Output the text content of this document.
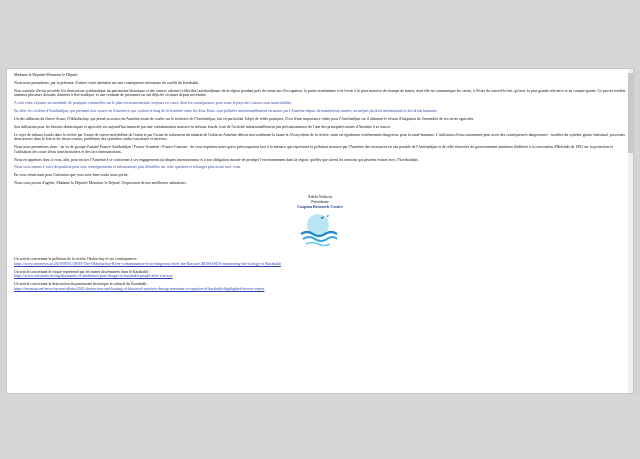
Madame la Députée Monsieur le Député,

Nous nous permettons, par la présente, d'attirer votre attention sur une conséquence méconnue du conflit du Karabakh.

Non contente d'avoir procédé à la destruction systématique du patrimoine historique et des centres urbains (villes/des) azerbaïdjanais de la région pendant près de trente ans d'occupation, la partie arménienne s'est livrée à la prise massive de champs de mines, dont elle ne communique les cartes, à l'écart du conseil-le-fait, qu'avec la plus grande réticence et au compte-goutte. Ce procès terrible amènera plusieurs dizaines d'années à être éradiqué, et une centaine de personnes en ont déjà été victimes depuis novembre.

A cela vient s'ajouter un ensemble de pratiques criminelles sur le plan environnemental, toujours en cours, dont les conséquences pour toute le pays du Caucase sont incalculables.

En effet, les rivières d'Azerbaïdjan, qui prennent leur source en Arménie et qui coulent le long de la frontière entre les deux Etats, sont polluées intentionnellement en amont par l'Arménie depuis de nombreuses années, au mépris du droit international et des droits humains.

Un des affluents du fleuve Araxe, l'Okhtchtchay, qui prend sa source en Arménie avant de couler sur le territoire de l'Azerbaïdjan, fait en particulier l'objet de telles pratiques. Il est d'une importance vitale pour l'Azerbaïdjan car il alimente le réseau d'irrigation de l'ensemble de ses terres agricoles.

Son utilisation pour les besoins domestiques et agricoles est aujourd'hui menacée par une contamination massive en métaux lourds, fruit de l'activité intentionnellement pas précautionneuse de l'une des principales mines d'Arménie à sa source.

Le rejet de métaux lourds dans la rivière par l'usine de cuivre-molybdène de Gafan et par l'usine de traitement du minerai de Gafan en Arménie détruit non seulement la faune et l'écosystème de la rivière, mais est également extrêmement dangereux pour la santé humaine. L'utilisation d'eau contaminée peut avoir des conséquences dangereuses - troubles du système gastro-intestinal, processus destructeurs dans le foie et les tissus osseux, problèmes des systèmes cardio-vasculaire et nerveux...

Nous nous permettons donc - au vu de groupe d'amitié France-Azerbaïdjan / France-Arménie / France-Caucase - de vous exprimer notre grave préoccupation face à la menace que représente la pollution massive par l'Arménie des ressources en eau potable de l'Azerbaïdjan et de celle réservées du gouvernement arménien d'adhérer à la convention d'Helsinki de 1992 sur la protection et l'utilisation des cours d'eau transfrontaliers et des lacs internationaux.

Nous en appelons donc à vous, afin, pour inciter l'Arménie à se conformer à ses engagements juridiques internationaux et à son obligation morale de protéger l'environnement dans la région, quelles que soient les tensions qui peuvent exister avec l'Azerbaïdjan.

Nous vous tenons à votre disposition pour tous renseignements et informations plus détaillées sur cette question et échanger plus avant avec vous.

En vous remerciant pour l'attention que vous avez bien voulu nous porter,

Nous vous prions d'agréer, Madame la Députée Monsieur le Député, l'expression de nos meilleures salutations.

Adela Naftova
Présidente
Caspian Research Centre

Un article concernant la pollution de la rivière Okchuchay et ses conséquences :

https://www.azernews.az/2019/08/01/26018-The-Okhchuchay-River-contamination-is-on-dangerous-level-the-Karsan-CROSSABTA-monitoring-the-ecology-of-Karabakh

Un article concernant le risque représenté par les mines disséminées dans le Karabakh :

https://www.swissinfo.ch/eng/thousands-of-landmines-pose-danger-to-karabakh-people-after-war/xxx

Un article concernant la destruction du patrimoine historique et culturel du Karabakh :

https://eurasian.net/news/current-affairs/2021/destruction-and-looting-of-historical-artefacts-during-armenian-occupation-of-karabakh-highlighted-in-new-report
